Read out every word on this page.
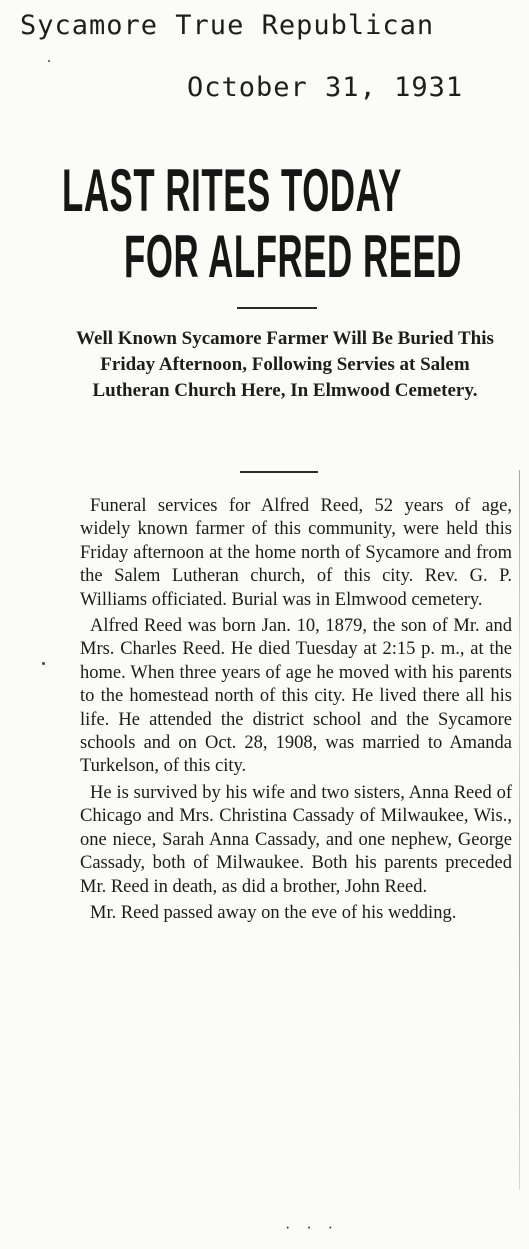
Sycamore True Republican
October 31, 1931
LAST RITES TODAY
FOR ALFRED REED
Well Known Sycamore Farmer Will Be Buried This Friday Afternoon, Following Servies at Salem Lutheran Church Here, In Elmwood Cemetery.

Funeral services for Alfred Reed, 52 years of age, widely known farmer of this community, were held this Friday afternoon at the home north of Sycamore and from the Salem Lutheran church, of this city. Rev. G. P. Williams officiated. Burial was in Elmwood cemetery.

Alfred Reed was born Jan. 10, 1879, the son of Mr. and Mrs. Charles Reed. He died Tuesday at 2:15 p. m., at the home. When three years of age he moved with his parents to the homestead north of this city. He lived there all his life. He attended the district school and the Sycamore schools and on Oct. 28, 1908, was married to Amanda Turkelson, of this city.

He is survived by his wife and two sisters, Anna Reed of Chicago and Mrs. Christina Cassady of Milwaukee, Wis., one niece, Sarah Anna Cassady, and one nephew, George Cassady, both of Milwaukee. Both his parents preceded Mr. Reed in death, as did a brother, John Reed.

Mr. Reed passed away on the eve of his wedding.

· · ·
